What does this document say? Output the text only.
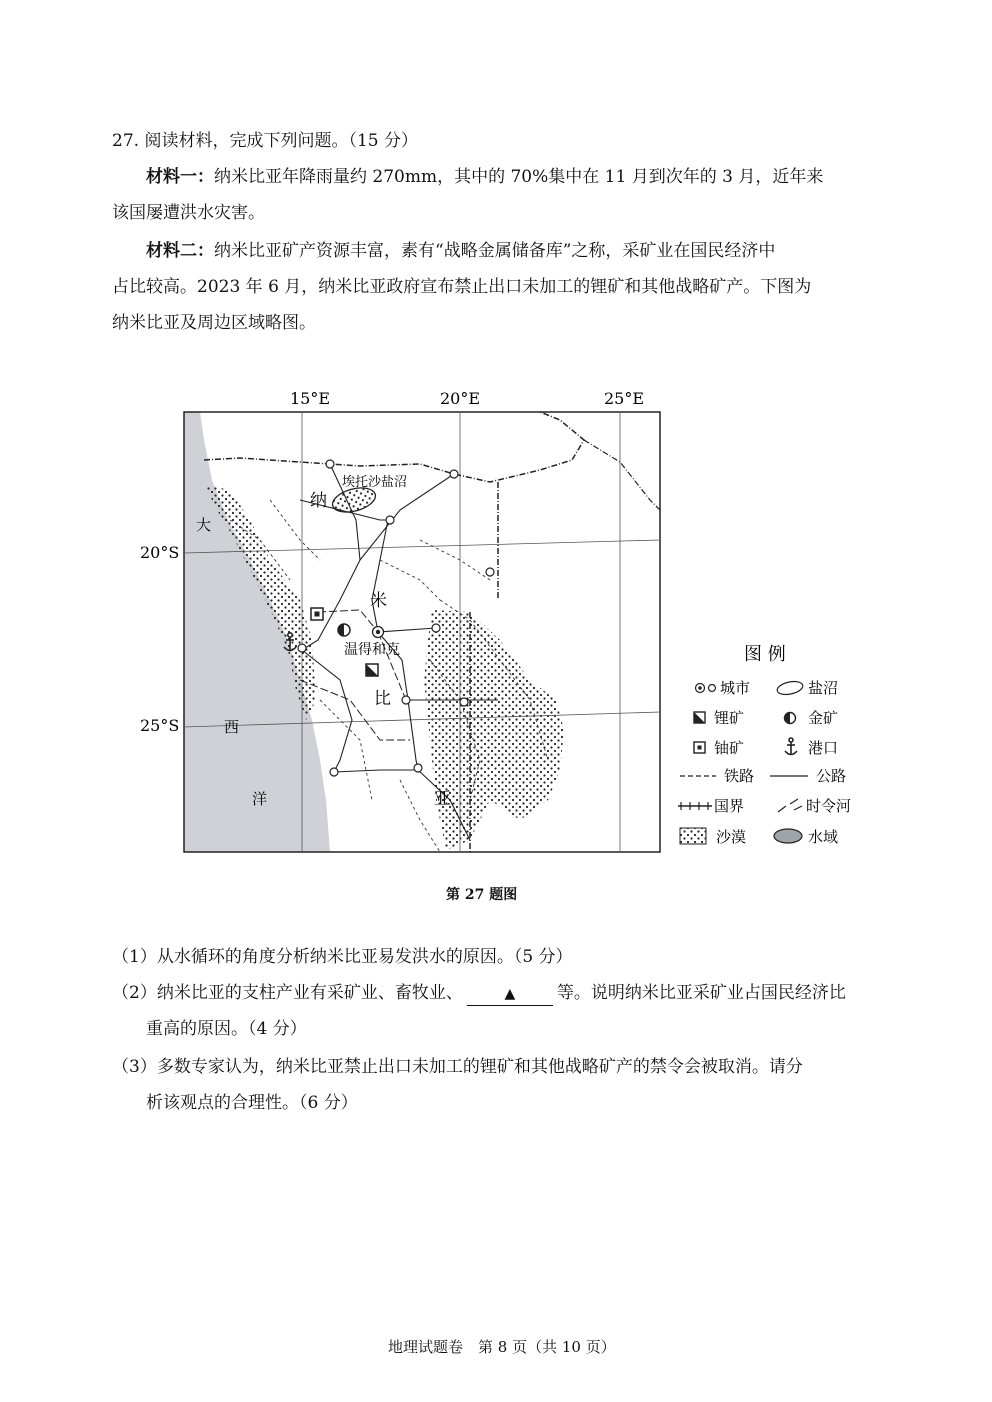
27. 阅读材料，完成下列问题。（15 分）
材料一：纳米比亚年降雨量约 270mm，其中的 70%集中在 11 月到次年的 3 月，近年来
该国屡遭洪水灾害。
材料二：纳米比亚矿产资源丰富，素有“战略金属储备库”之称，采矿业在国民经济中
占比较高。2023 年 6 月，纳米比亚政府宣布禁止出口未加工的锂矿和其他战略矿产。下图为
纳米比亚及周边区域略图。
15°E	20°E	25°E
20°S
25°S
埃托沙盐沼
温得和克
大
西
洋
纳
米
比
亚
图 例
城市	盐沼
锂矿	金矿
铀矿	港口
铁路	公路
国界	时令河
沙漠	水域
第 27 题图
（1）从水循环的角度分析纳米比亚易发洪水的原因。（5 分）
（2）纳米比亚的支柱产业有采矿业、畜牧业、	▲ 等。说明纳米比亚采矿业占国民经济比
重高的原因。（4 分）
（3）多数专家认为，纳米比亚禁止出口未加工的锂矿和其他战略矿产的禁令会被取消。请分
析该观点的合理性。（6 分）
地理试题卷　第 8 页（共 10 页）
